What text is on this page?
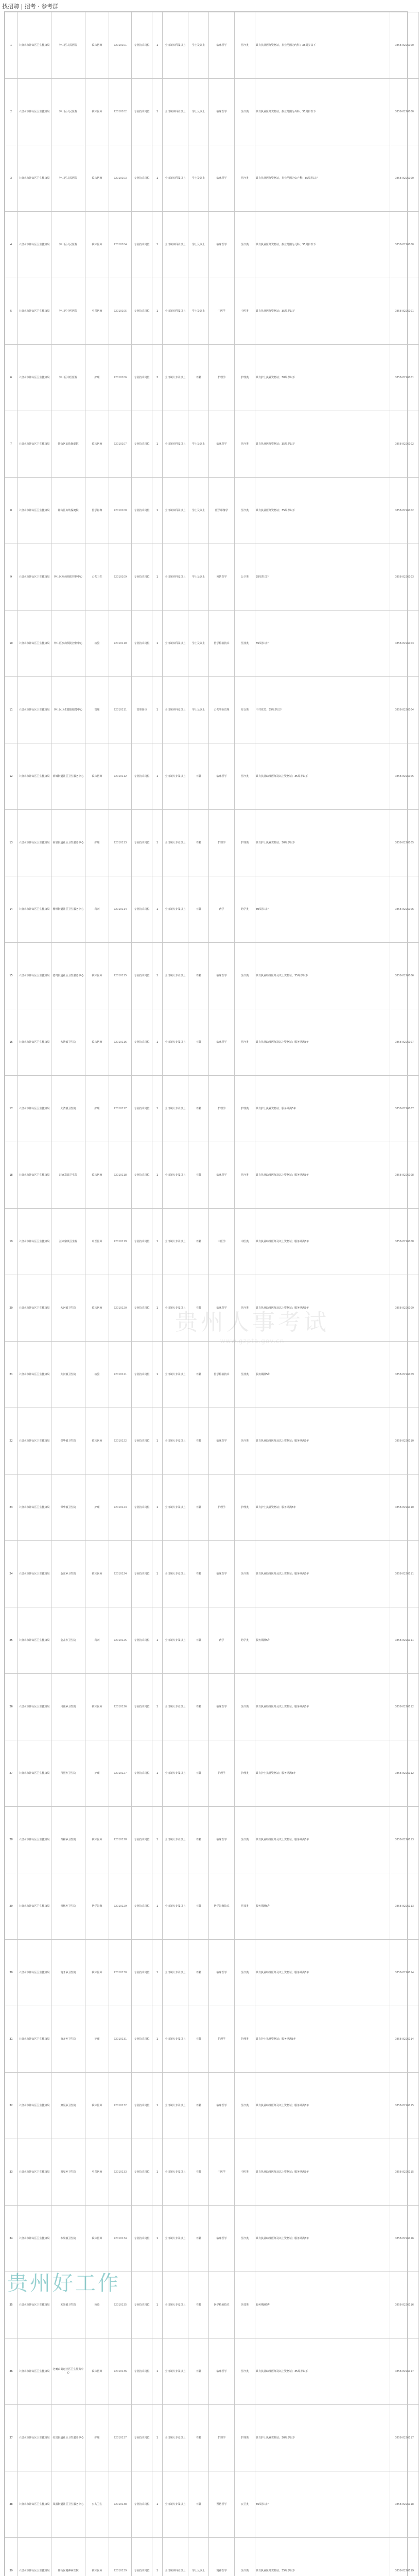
找招聘 | 招考 · 参考群
1	六盘水市钟山区卫生健康局	钟山区人民医院	临床医师	22010101	专业技术岗位	1	全日制本科及以上	学士及以上	临床医学	医疗类	具有执业医师资格证，执业范围为内科；35周岁以下	0858-8226100
2	六盘水市钟山区卫生健康局	钟山区人民医院	临床医师	22010102	专业技术岗位	1	全日制本科及以上	学士及以上	临床医学	医疗类	具有执业医师资格证，执业范围为外科；35周岁以下	0858-8226100
3	六盘水市钟山区卫生健康局	钟山区人民医院	临床医师	22010103	专业技术岗位	1	全日制本科及以上	学士及以上	临床医学	医疗类	具有执业医师资格证，执业范围为妇产科；35周岁以下	0858-8226100
4	六盘水市钟山区卫生健康局	钟山区人民医院	临床医师	22010104	专业技术岗位	1	全日制本科及以上	学士及以上	临床医学	医疗类	具有执业医师资格证，执业范围为儿科；35周岁以下	0858-8226100
5	六盘水市钟山区卫生健康局	钟山区中医医院	中医医师	22010105	专业技术岗位	1	全日制本科及以上	学士及以上	中医学	中医类	具有执业医师资格证；35周岁以下	0858-8226101
6	六盘水市钟山区卫生健康局	钟山区中医医院	护理	22010106	专业技术岗位	2	全日制大专及以上	不限	护理学	护理类	具有护士执业资格证；30周岁以下	0858-8226101
7	六盘水市钟山区卫生健康局	钟山区妇幼保健院	临床医师	22010107	专业技术岗位	1	全日制本科及以上	学士及以上	临床医学	医疗类	具有执业医师资格证；35周岁以下	0858-8226102
8	六盘水市钟山区卫生健康局	钟山区妇幼保健院	医学影像	22010108	专业技术岗位	1	全日制本科及以上	学士及以上	医学影像学	医疗类	具有执业医师资格证；35周岁以下	0858-8226102
9	六盘水市钟山区卫生健康局	钟山区疾病预防控制中心	公共卫生	22010109	专业技术岗位	1	全日制本科及以上	学士及以上	预防医学	公卫类	35周岁以下	0858-8226103
10	六盘水市钟山区卫生健康局	钟山区疾病预防控制中心	检验	22010110	专业技术岗位	1	全日制本科及以上	学士及以上	医学检验技术	医技类	35周岁以下	0858-8226103
11	六盘水市钟山区卫生健康局	钟山区卫生健康服务中心	管理	22010111	管理岗位	1	全日制本科及以上	学士及以上	公共事业管理	综合类	中共党员；35周岁以下	0858-8226104
12	六盘水市钟山区卫生健康局	荷城街道社区卫生服务中心	临床医师	22010112	专业技术岗位	1	全日制大专及以上	不限	临床医学	医疗类	具有执业助理医师及以上资格证；35周岁以下	0858-8226105
13	六盘水市钟山区卫生健康局	荷泉街道社区卫生服务中心	护理	22010113	专业技术岗位	1	全日制大专及以上	不限	护理学	护理类	具有护士执业资格证；30周岁以下	0858-8226105
14	六盘水市钟山区卫生健康局	杨柳街道社区卫生服务中心	药剂	22010114	专业技术岗位	1	全日制大专及以上	不限	药学	药学类	30周岁以下	0858-8226106
15	六盘水市钟山区卫生健康局	德坞街道社区卫生服务中心	临床医师	22010115	专业技术岗位	1	全日制大专及以上	不限	临床医学	医疗类	具有执业助理医师及以上资格证；35周岁以下	0858-8226106
16	六盘水市钟山区卫生健康局	大湾镇卫生院	临床医师	22010116	专业技术岗位	1	全日制大专及以上	不限	临床医学	医疗类	具有执业助理医师及以上资格证；服务期满5年	0858-8226107
17	六盘水市钟山区卫生健康局	大湾镇卫生院	护理	22010117	专业技术岗位	1	全日制大专及以上	不限	护理学	护理类	具有护士执业资格证；服务期满5年	0858-8226107
18	六盘水市钟山区卫生健康局	汪家寨镇卫生院	临床医师	22010118	专业技术岗位	1	全日制大专及以上	不限	临床医学	医疗类	具有执业助理医师及以上资格证；服务期满5年	0858-8226108
19	六盘水市钟山区卫生健康局	汪家寨镇卫生院	中医医师	22010119	专业技术岗位	1	全日制大专及以上	不限	中医学	中医类	具有执业助理医师及以上资格证；服务期满5年	0858-8226108
20	六盘水市钟山区卫生健康局	大河镇卫生院	临床医师	22010120	专业技术岗位	1	全日制大专及以上	不限	临床医学	医疗类	具有执业助理医师及以上资格证；服务期满5年	0858-8226109
21	六盘水市钟山区卫生健康局	大河镇卫生院	检验	22010121	专业技术岗位	1	全日制大专及以上	不限	医学检验技术	医技类	服务期满5年	0858-8226109
22	六盘水市钟山区卫生健康局	保华镇卫生院	临床医师	22010122	专业技术岗位	1	全日制大专及以上	不限	临床医学	医疗类	具有执业助理医师及以上资格证；服务期满5年	0858-8226110
23	六盘水市钟山区卫生健康局	保华镇卫生院	护理	22010123	专业技术岗位	1	全日制大专及以上	不限	护理学	护理类	具有护士执业资格证；服务期满5年	0858-8226110
24	六盘水市钟山区卫生健康局	金盆乡卫生院	临床医师	22010124	专业技术岗位	1	全日制大专及以上	不限	临床医学	医疗类	具有执业助理医师及以上资格证；服务期满5年	0858-8226111
25	六盘水市钟山区卫生健康局	金盆乡卫生院	药剂	22010125	专业技术岗位	1	全日制大专及以上	不限	药学	药学类	服务期满5年	0858-8226111
26	六盘水市钟山区卫生健康局	月照乡卫生院	临床医师	22010126	专业技术岗位	1	全日制大专及以上	不限	临床医学	医疗类	具有执业助理医师及以上资格证；服务期满5年	0858-8226112
27	六盘水市钟山区卫生健康局	月照乡卫生院	护理	22010127	专业技术岗位	1	全日制大专及以上	不限	护理学	护理类	具有护士执业资格证；服务期满5年	0858-8226112
28	六盘水市钟山区卫生健康局	青林乡卫生院	临床医师	22010128	专业技术岗位	1	全日制大专及以上	不限	临床医学	医疗类	具有执业助理医师及以上资格证；服务期满5年	0858-8226113
29	六盘水市钟山区卫生健康局	青林乡卫生院	医学影像	22010129	专业技术岗位	1	全日制大专及以上	不限	医学影像技术	医技类	服务期满5年	0858-8226113
30	六盘水市钟山区卫生健康局	南开乡卫生院	临床医师	22010130	专业技术岗位	1	全日制大专及以上	不限	临床医学	医疗类	具有执业助理医师及以上资格证；服务期满5年	0858-8226114
31	六盘水市钟山区卫生健康局	南开乡卫生院	护理	22010131	专业技术岗位	1	全日制大专及以上	不限	护理学	护理类	具有护士执业资格证；服务期满5年	0858-8226114
32	六盘水市钟山区卫生健康局	双戛乡卫生院	临床医师	22010132	专业技术岗位	1	全日制大专及以上	不限	临床医学	医疗类	具有执业助理医师及以上资格证；服务期满5年	0858-8226115
33	六盘水市钟山区卫生健康局	双戛乡卫生院	中医医师	22010133	专业技术岗位	1	全日制大专及以上	不限	中医学	中医类	具有执业助理医师及以上资格证；服务期满5年	0858-8226115
34	六盘水市钟山区卫生健康局	木果镇卫生院	临床医师	22010134	专业技术岗位	1	全日制大专及以上	不限	临床医学	医疗类	具有执业助理医师及以上资格证；服务期满5年	0858-8226116
35	六盘水市钟山区卫生健康局	木果镇卫生院	检验	22010135	专业技术岗位	1	全日制大专及以上	不限	医学检验技术	医技类	服务期满5年	0858-8226116
36	六盘水市钟山区卫生健康局	老鹰山街道社区卫生服务中心	临床医师	22010136	专业技术岗位	1	全日制大专及以上	不限	临床医学	医疗类	具有执业助理医师及以上资格证；35周岁以下	0858-8226117
37	六盘水市钟山区卫生健康局	红岩街道社区卫生服务中心	护理	22010137	专业技术岗位	1	全日制大专及以上	不限	护理学	护理类	具有护士执业资格证；30周岁以下	0858-8226117
38	六盘水市钟山区卫生健康局	凤凰街道社区卫生服务中心	公共卫生	22010138	专业技术岗位	1	全日制大专及以上	不限	预防医学	公卫类	35周岁以下	0858-8226118
39	六盘水市钟山区卫生健康局	钟山区精神病医院	临床医师	22010139	专业技术岗位	1	全日制本科及以上	学士及以上	精神医学	医疗类	具有执业医师资格证；35周岁以下	0858-8226119

贵州人事考试
www.gzpta.gov.cn
贵州好工作
